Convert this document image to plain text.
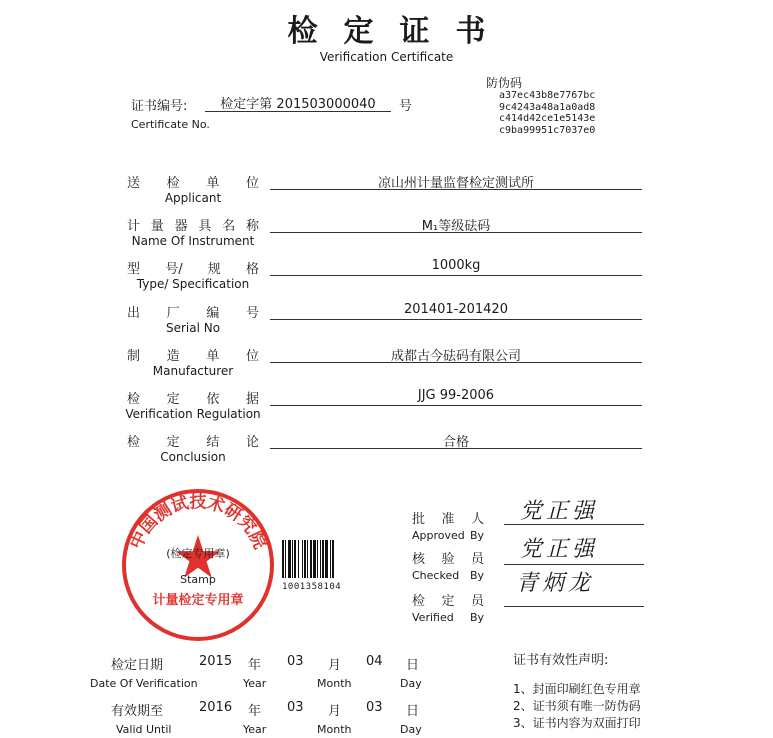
检 定 证 书
Verification Certificate
证书编号:
Certificate No.
检定字第 201503000040	号
防伪码
a37ec43b8e7767bc
9c4243a48a1a0ad8
c414d42ce1e5143e
c9ba99951c7037e0
送 检 单 位
Applicant
凉山州计量监督检定测试所
计 量 器 具 名 称
Name Of Instrument
M₁等级砝码
型 号/ 规 格
Type/ Specification
1000kg
出 厂 编 号
Serial No
201401-201420
制 造 单 位
Manufacturer
成都古今砝码有限公司
检 定 依 据
Verification Regulation
JJG 99-2006
检 定 结 论
Conclusion
合格
中国测试技术研究院
(检定专用章)
Stamp
计量检定专用章
1001358104
批 准 人
Approved By
党正强
核 验 员
Checked By
党正强
检 定 员
Verified By
青炳龙
检定日期
Date Of Verification
2015 年
Year
03 月
Month
04 日
Day
有效期至
Valid Until
2016 年
Year
03 月
Month
03 日
Day
证书有效性声明:
1、封面印刷红色专用章
2、证书须有唯一防伪码
3、证书内容为双面打印
